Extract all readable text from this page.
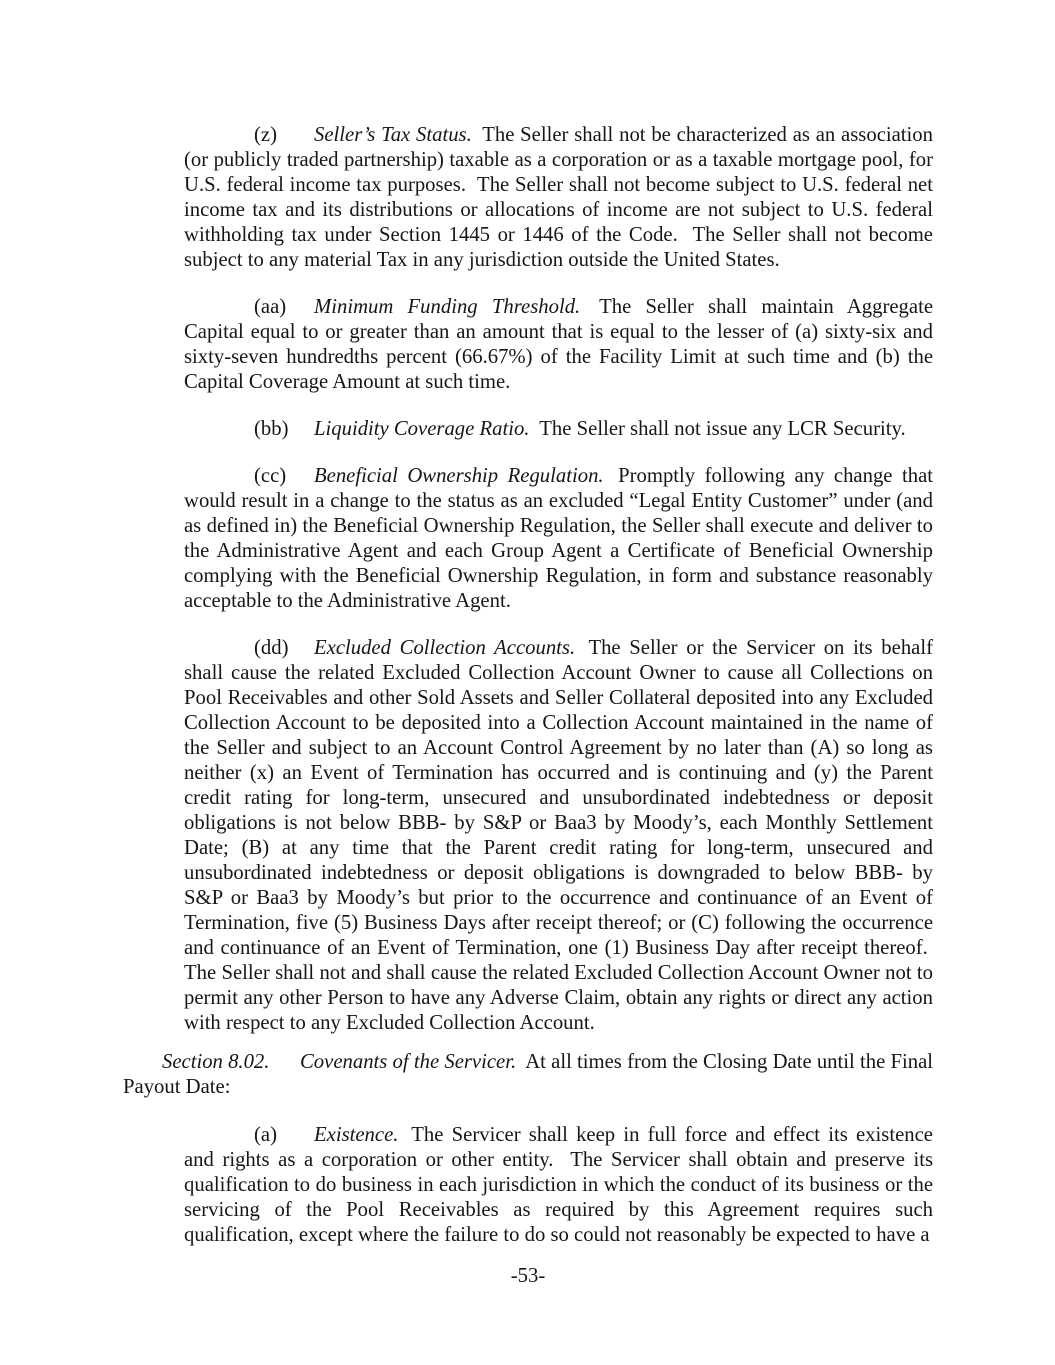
(z) Seller’s Tax Status. The Seller shall not be characterized as an association (or publicly traded partnership) taxable as a corporation or as a taxable mortgage pool, for U.S. federal income tax purposes.  The Seller shall not become subject to U.S. federal net income tax and its distributions or allocations of income are not subject to U.S. federal withholding tax under Section 1445 or 1446 of the Code.  The Seller shall not become subject to any material Tax in any jurisdiction outside the United States.

(aa) Minimum Funding Threshold. The Seller shall maintain Aggregate Capital equal to or greater than an amount that is equal to the lesser of (a) sixty-six and sixty-seven hundredths percent (66.67%) of the Facility Limit at such time and (b) the Capital Coverage Amount at such time.

(bb) Liquidity Coverage Ratio. The Seller shall not issue any LCR Security.

(cc) Beneficial Ownership Regulation. Promptly following any change that would result in a change to the status as an excluded “Legal Entity Customer” under (and as defined in) the Beneficial Ownership Regulation, the Seller shall execute and deliver to the Administrative Agent and each Group Agent a Certificate of Beneficial Ownership complying with the Beneficial Ownership Regulation, in form and substance reasonably acceptable to the Administrative Agent.

(dd) Excluded Collection Accounts. The Seller or the Servicer on its behalf shall cause the related Excluded Collection Account Owner to cause all Collections on Pool Receivables and other Sold Assets and Seller Collateral deposited into any Excluded Collection Account to be deposited into a Collection Account maintained in the name of the Seller and subject to an Account Control Agreement by no later than (A) so long as neither (x) an Event of Termination has occurred and is continuing and (y) the Parent credit rating for long-term, unsecured and unsubordinated indebtedness or deposit obligations is not below BBB- by S&P or Baa3 by Moody’s, each Monthly Settlement Date; (B) at any time that the Parent credit rating for long-term, unsecured and unsubordinated indebtedness or deposit obligations is downgraded to below BBB- by S&P or Baa3 by Moody’s but prior to the occurrence and continuance of an Event of Termination, five (5) Business Days after receipt thereof; or (C) following the occurrence and continuance of an Event of Termination, one (1) Business Day after receipt thereof.  The Seller shall not and shall cause the related Excluded Collection Account Owner not to permit any other Person to have any Adverse Claim, obtain any rights or direct any action with respect to any Excluded Collection Account.

Section 8.02. Covenants of the Servicer. At all times from the Closing Date until the Final Payout Date:

(a) Existence. The Servicer shall keep in full force and effect its existence and rights as a corporation or other entity.  The Servicer shall obtain and preserve its qualification to do business in each jurisdiction in which the conduct of its business or the servicing of the Pool Receivables as required by this Agreement requires such qualification, except where the failure to do so could not reasonably be expected to have a

-53-
